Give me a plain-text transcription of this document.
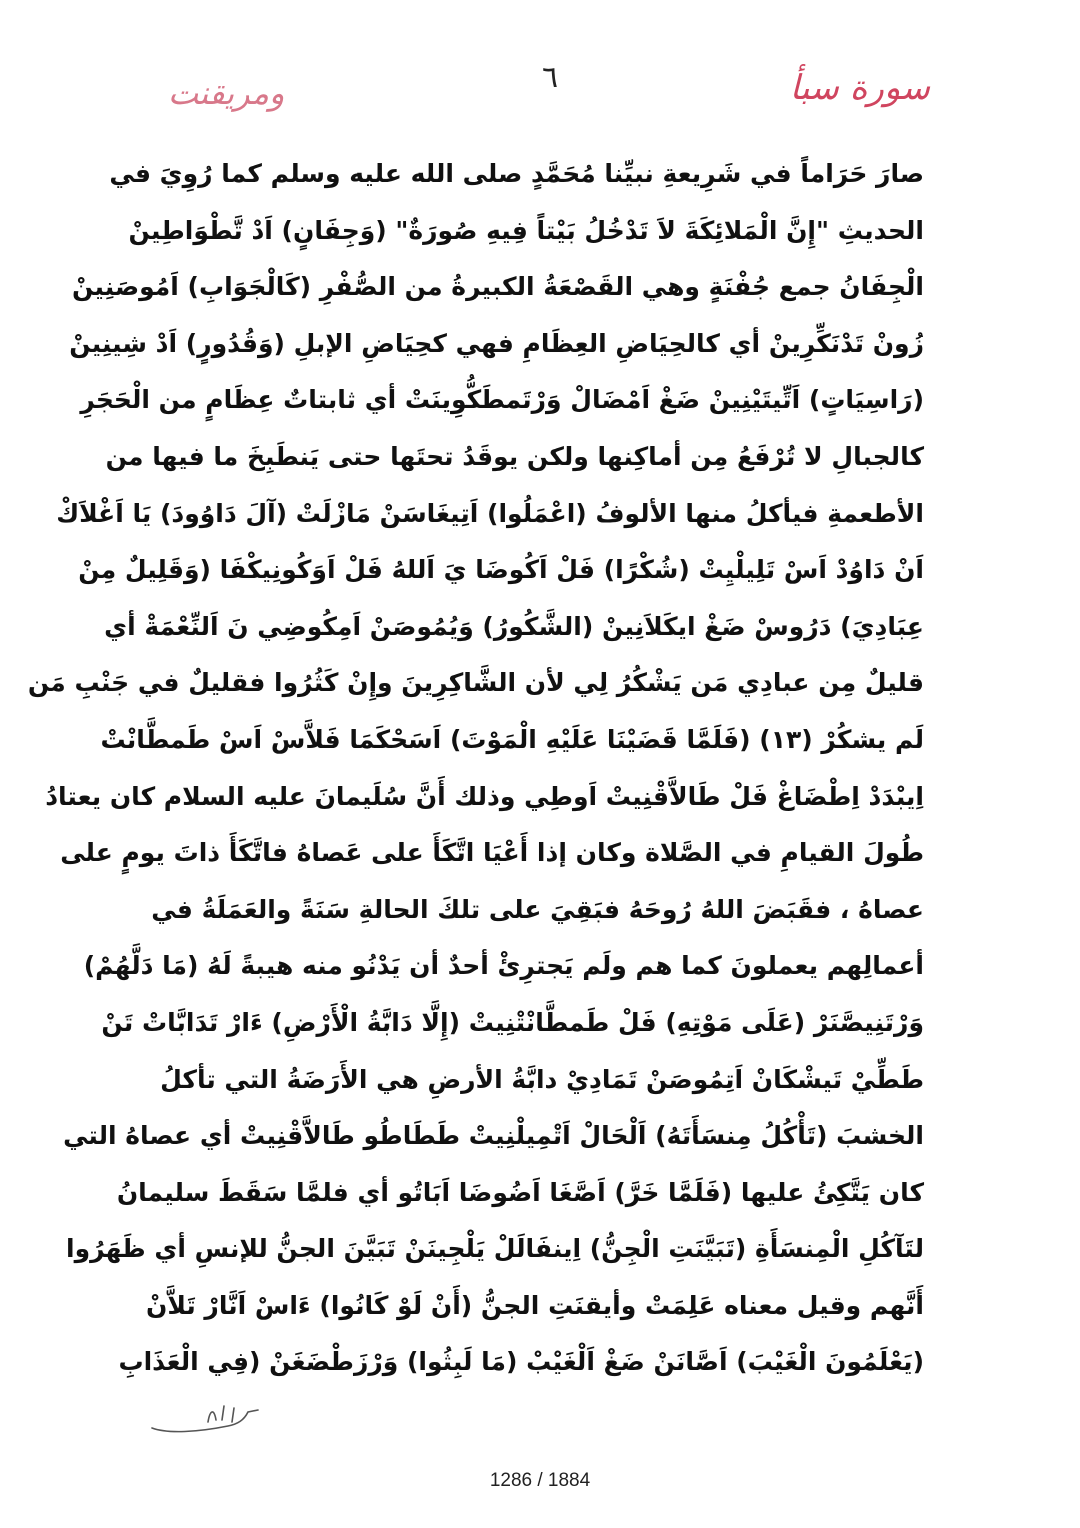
سورة سبأ
٦
ومريقنت
صارَ حَرَاماً في شَرِيعةِ نبيِّنا مُحَمَّدٍ صلى الله عليه وسلم كما رُوِيَ في
الحديثِ "إِنَّ الْمَلائِكَةَ لاَ تَدْخُلُ بَيْتاً فِيهِ صُورَةٌ" (وَجِفَانٍ) اَدْ تَّطْوَاطِينْ
الْجِفَانُ جمع جُفْنَةٍ وهي القَصْعَةُ الكبيرةُ من الصُّفْرِ (كَالْجَوَابِ) اَمُوصَنِينْ
زُونْ تَدْنَكِّرِينْ أي كالحِيَاضِ العِظَامِ فهي كحِيَاضِ الإبلِ (وَقُدُورٍ) اَدْ شِينِينْ
(رَاسِيَاتٍ) اَتِّيتَيْنِينْ ضَغْ اَمْضَالْ وَرْتَمطَكُّوِينَتْ أي ثابتاتٌ عِظَامٍ من الْحَجَرِ
كالجبالِ لا تُرْفَعُ مِن أماكِنها ولكن يوقَدُ تحتَها حتى يَنطَبِخَ ما فيها من
الأطعمةِ فيأكلُ منها الألوفُ (اعْمَلُوا) اَتِيغَاسَنْ مَازْلَتْ (آلَ دَاوُودَ) يَا اَغْلاَكْ
اَنْ دَاوُدْ اَسْ تَلِيلْيِتْ (شُكْرًا) فَلْ اَكُوضَا يَ اَللهُ فَلْ اَوَكُونِيكْفَا (وَقَلِيلٌ مِنْ
عِبَادِيَ) دَرُوسْ ضَغْ ايكَلاَنِينْ (الشَّكُورُ) وَيُمُوصَنْ اَمِكُوضِي نَ اَلنِّعْمَةْ أي
قليلٌ مِن عبادِي مَن يَشْكُرُ لِي لأن الشَّاكِرِينَ وإِنْ كَثُرُوا فقليلٌ في جَنْبِ مَن
لَم يشكُرْ (١٣) (فَلَمَّا قَضَيْنَا عَلَيْهِ الْمَوْتَ) اَسَحْكَمَا فَلاَّسْ اَسْ طَمطَّانْتْ
اِيبْدَدْ اِطْضَاغْ فَلْ طَالاَّقْنِيتْ اَوطِي وذلك أَنَّ سُلَيمانَ عليه السلام كان يعتادُ
طُولَ القيامِ في الصَّلاة وكان إذا أَعْيَا اتَّكَأَ على عَصاهُ فاتَّكَأَ ذاتَ يومٍ على
عصاهُ ، فقَبَضَ اللهُ رُوحَهُ فبَقِيَ على تلكَ الحالةِ سَنَةً والعَمَلَةُ في
أعمالِهم يعملونَ كما هم ولَم يَجترِئْ أحدٌ أن يَدْنُو منه هيبةً لَهُ (مَا دَلَّهُمْ)
وَرْتَنِيصَّنَرْ (عَلَى مَوْتِهِ) فَلْ طَمطَّانْتْنِيتْ (إِلَّا دَابَّةُ الْأَرْضِ) ءَارْ تَدَابَّاتْ تَنْ
طَطِّيْ تَيشْكَانْ اَتِمُوصَنْ تَمَادِيْ دابَّةُ الأرضِ هي الأَرَضَةُ التي تأكلُ
الخشبَ (تَأْكُلُ مِنسَأَتَهُ) اَلْحَالْ اَتْمِيلْنِيتْ طَطَاطُو طَالاَّقْنِيتْ أي عصاهُ التي
كان يَتَّكِئُ عليها (فَلَمَّا خَرَّ) اَصَّغَا اَضُوضَا اَبَاتُو أي فلمَّا سَقَطَ سليمانُ
لتَآكُلِ الْمِنسَأَةِ (تَبَيَّنَتِ الْجِنُّ) اِينفَالَلْ يَلْجِينَنْ تَبَيَّنَ الجنُّ للإنسِ أي ظَهَرُوا
أَنَّهم وقيل معناه عَلِمَتْ وأيقنَتِ الجنُّ (أَنْ لَوْ كَانُوا) ءَاسْ اَنَّارْ تَلاَّنْ
(يَعْلَمُونَ الْغَيْبَ) اَصَّانَنْ ضَغْ اَلْغَيْبْ (مَا لَبِثُوا) وَرْزَطْضَغَنْ (فِي الْعَذَابِ
1286 / 1884
